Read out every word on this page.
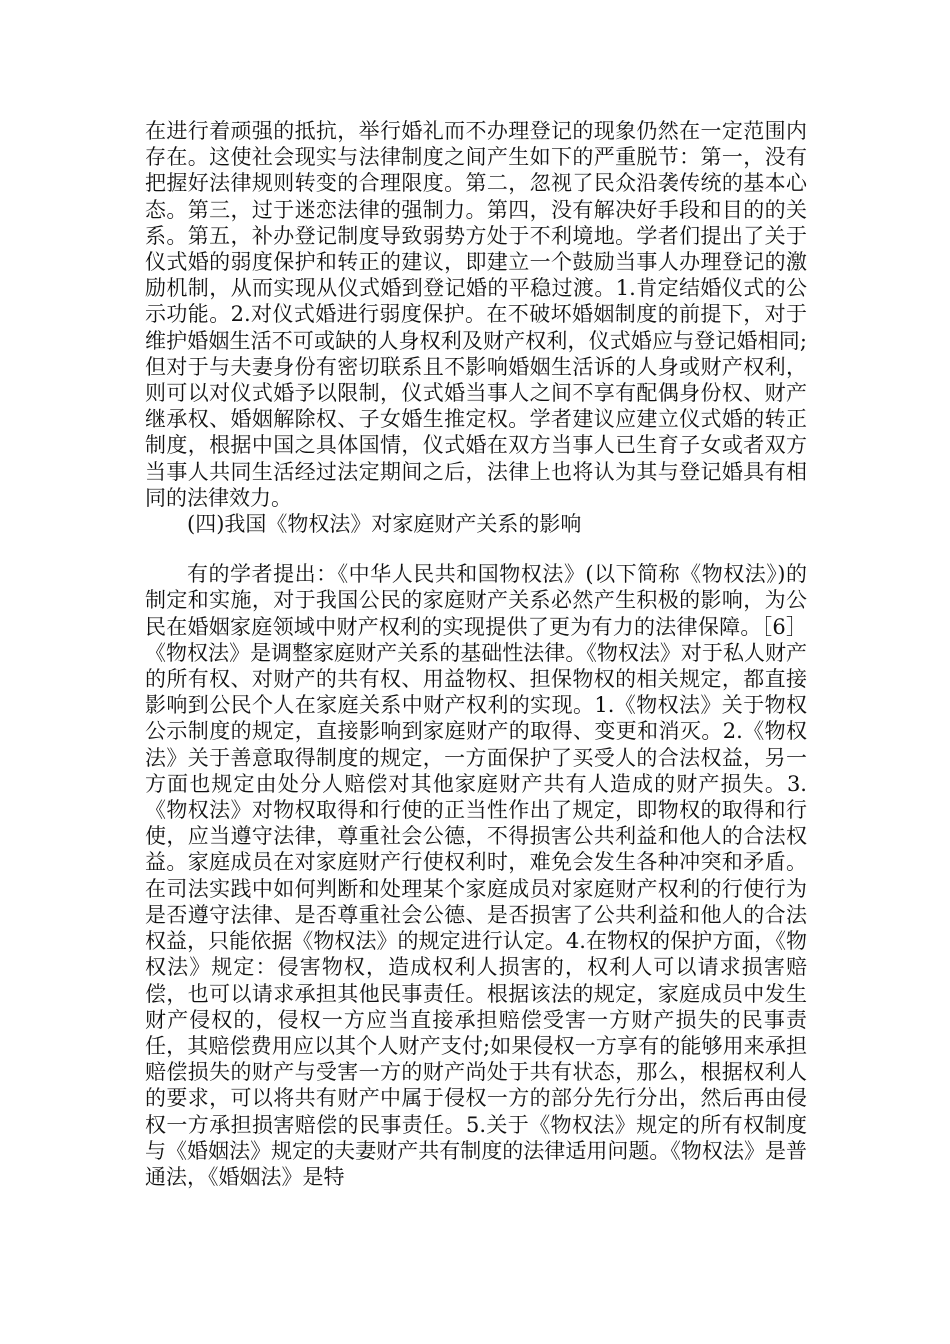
在进行着顽强的抵抗，举行婚礼而不办理登记的现象仍然在一定范围内存在。这使社会现实与法律制度之间产生如下的严重脱节：第一，没有把握好法律规则转变的合理限度。第二，忽视了民众沿袭传统的基本心态。第三，过于迷恋法律的强制力。第四，没有解决好手段和目的的关系。第五，补办登记制度导致弱势方处于不利境地。学者们提出了关于仪式婚的弱度保护和转正的建议，即建立一个鼓励当事人办理登记的激励机制，从而实现从仪式婚到登记婚的平稳过渡。1.肯定结婚仪式的公示功能。2.对仪式婚进行弱度保护。在不破坏婚姻制度的前提下，对于维护婚姻生活不可或缺的人身权利及财产权利，仪式婚应与登记婚相同;但对于与夫妻身份有密切联系且不影响婚姻生活诉的人身或财产权利，则可以对仪式婚予以限制，仪式婚当事人之间不享有配偶身份权、财产继承权、婚姻解除权、子女婚生推定权。学者建议应建立仪式婚的转正制度，根据中国之具体国情，仪式婚在双方当事人已生育子女或者双方当事人共同生活经过法定期间之后，法律上也将认为其与登记婚具有相同的法律效力。

(四)我国《物权法》对家庭财产关系的影响

有的学者提出：《中华人民共和国物权法》(以下简称《物权法》)的制定和实施，对于我国公民的家庭财产关系必然产生积极的影响，为公民在婚姻家庭领域中财产权利的实现提供了更为有力的法律保障。［6］《物权法》是调整家庭财产关系的基础性法律。《物权法》对于私人财产的所有权、对财产的共有权、用益物权、担保物权的相关规定，都直接影响到公民个人在家庭关系中财产权利的实现。1.《物权法》关于物权公示制度的规定，直接影响到家庭财产的取得、变更和消灭。2.《物权法》关于善意取得制度的规定，一方面保护了买受人的合法权益，另一方面也规定由处分人赔偿对其他家庭财产共有人造成的财产损失。3.《物权法》对物权取得和行使的正当性作出了规定，即物权的取得和行使，应当遵守法律，尊重社会公德，不得损害公共利益和他人的合法权益。家庭成员在对家庭财产行使权利时，难免会发生各种冲突和矛盾。在司法实践中如何判断和处理某个家庭成员对家庭财产权利的行使行为是否遵守法律、是否尊重社会公德、是否损害了公共利益和他人的合法权益，只能依据《物权法》的规定进行认定。4.在物权的保护方面，《物权法》规定：侵害物权，造成权利人损害的，权利人可以请求损害赔偿，也可以请求承担其他民事责任。根据该法的规定，家庭成员中发生财产侵权的，侵权一方应当直接承担赔偿受害一方财产损失的民事责任，其赔偿费用应以其个人财产支付;如果侵权一方享有的能够用来承担赔偿损失的财产与受害一方的财产尚处于共有状态，那么，根据权利人的要求，可以将共有财产中属于侵权一方的部分先行分出，然后再由侵权一方承担损害赔偿的民事责任。5.关于《物权法》规定的所有权制度与《婚姻法》规定的夫妻财产共有制度的法律适用问题。《物权法》是普通法，《婚姻法》是特
